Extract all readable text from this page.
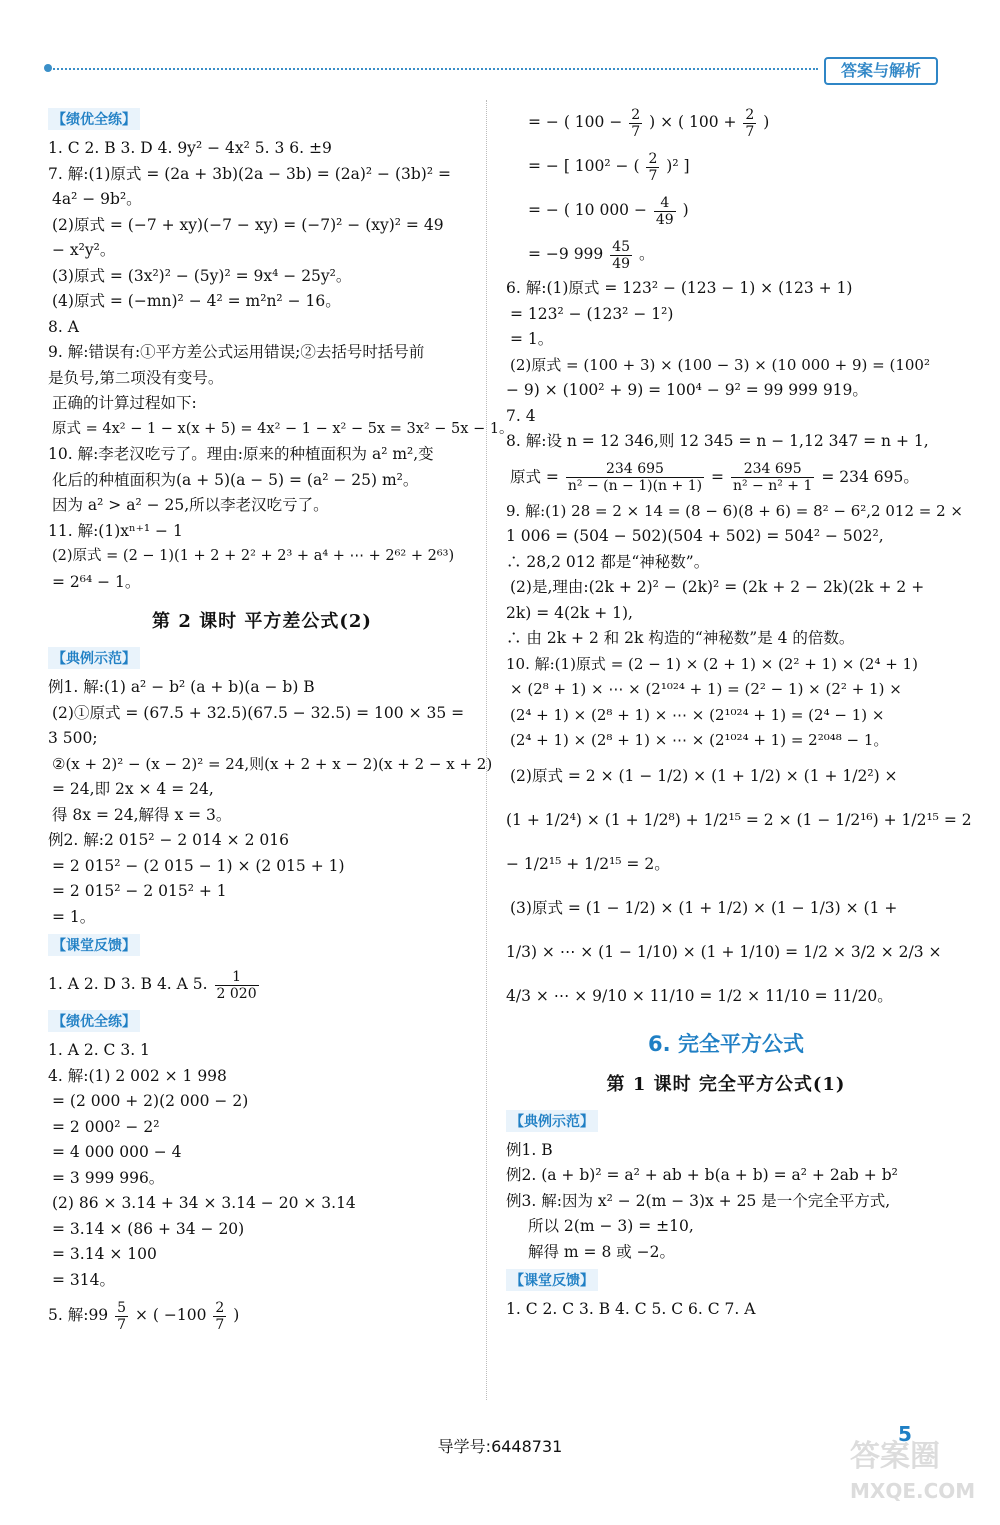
答案与解析
【绩优全练】
1. C 2. B 3. D 4. 9y² − 4x² 5. 3 6. ±9
7. 解:(1)原式 = (2a + 3b)(2a − 3b) = (2a)² − (3b)² =
4a² − 9b²。
(2)原式 = (−7 + xy)(−7 − xy) = (−7)² − (xy)² = 49
− x²y²。
(3)原式 = (3x²)² − (5y)² = 9x⁴ − 25y²。
(4)原式 = (−mn)² − 4² = m²n² − 16。
8. A
9. 解:错误有:①平方差公式运用错误;②去括号时括号前
是负号,第二项没有变号。
正确的计算过程如下:
原式 = 4x² − 1 − x(x + 5) = 4x² − 1 − x² − 5x = 3x² − 5x − 1。
10. 解:李老汉吃亏了。理由:原来的种植面积为 a² m²,变
化后的种植面积为(a + 5)(a − 5) = (a² − 25) m²。
因为 a² > a² − 25,所以李老汉吃亏了。
11. 解:(1)xⁿ⁺¹ − 1
(2)原式 = (2 − 1)(1 + 2 + 2² + 2³ + a⁴ + ⋯ + 2⁶² + 2⁶³)
= 2⁶⁴ − 1。
第 2 课时 平方差公式(2)
【典例示范】
例1. 解:(1) a² − b² (a + b)(a − b) B
(2)①原式 = (67.5 + 32.5)(67.5 − 32.5) = 100 × 35 =
3 500;
②(x + 2)² − (x − 2)² = 24,则(x + 2 + x − 2)(x + 2 − x + 2)
= 24,即 2x × 4 = 24,
得 8x = 24,解得 x = 3。
例2. 解:2 015² − 2 014 × 2 016
= 2 015² − (2 015 − 1) × (2 015 + 1)
= 2 015² − 2 015² + 1
= 1。
【课堂反馈】
1. A 2. D 3. B 4. A 5. $\frac{1}{2 020}$
【绩优全练】
1. A 2. C 3. 1
4. 解:(1) 2 002 × 1 998
= (2 000 + 2)(2 000 − 2)
= 2 000² − 2²
= 4 000 000 − 4
= 3 999 996。
(2) 86 × 3.14 + 34 × 3.14 − 20 × 3.14
= 3.14 × (86 + 34 − 20)
= 3.14 × 100
= 314。
5. 解:99 $\frac{5}{7}$ × ( $-100 \frac{2}{7}$ )
= − ( $100 - \frac{2}{7}$ ) × ( $100 + \frac{2}{7}$ )
= − [ 100² − ( $\frac{2}{7} )^2$ ]
= − ( 10 $000 - \frac{4}{49}$ )
= −9 $999 \frac{45}{49}$ 。
6. 解:(1)原式 = 123² − (123 − 1) × (123 + 1)
= 123² − (123² − 1²)
= 1。
(2)原式 = (100 + 3) × (100 − 3) × (10 000 + 9) = (100²
− 9) × (100² + 9) = 100⁴ − 9² = 99 999 919。
7. 4
8. 解:设 n = 12 346,则 12 345 = n − 1,12 347 = n + 1,
原式 = $\frac{234 695}{\text{n² − (n − 1)(n + 1)}} = \frac{234 695}{\text{n² − n² + 1}} = 234$ 695。
9. 解:(1) 28 = 2 × 14 = (8 − 6)(8 + 6) = 8² − 6²,2 012 = 2 ×
1 006 = (504 − 502)(504 + 502) = 504² − 502²,
∴ 28,2 012 都是“神秘数”。
(2)是,理由:(2k + 2)² − (2k)² = (2k + 2 − 2k)(2k + 2 +
2k) = 4(2k + 1),
∴ 由 2k + 2 和 2k 构造的“神秘数”是 4 的倍数。
10. 解:(1)原式 = (2 − 1) × (2 + 1) × (2² + 1) × (2⁴ + 1)
× (2⁸ + 1) × ⋯ × (2¹⁰²⁴ + 1) = (2² − 1) × (2² + 1) ×
(2⁴ + 1) × (2⁸ + 1) × ⋯ × (2¹⁰²⁴ + 1) = (2⁴ − 1) ×
(2⁴ + 1) × (2⁸ + 1) × ⋯ × (2¹⁰²⁴ + 1) = 2²⁰⁴⁸ − 1。
(2)原式 = 2 × (1 − 1/2) × (1 + 1/2) × (1 + 1/2²) ×
(1 + 1/2⁴) × (1 + 1/2⁸) + 1/2¹⁵ = 2 × (1 − 1/2¹⁶) + 1/2¹⁵ = 2
− 1/2¹⁵ + 1/2¹⁵ = 2。
(3)原式 = (1 − 1/2) × (1 + 1/2) × (1 − 1/3) × (1 +
1/3) × ⋯ × (1 − 1/10) × (1 + 1/10) = 1/2 × 3/2 × 2/3 ×
4/3 × ⋯ × 9/10 × 11/10 = 1/2 × 11/10 = 11/20。
6. 完全平方公式
第 1 课时 完全平方公式(1)
【典例示范】
例1. B
例2. (a + b)² = a² + ab + b(a + b) = a² + 2ab + b²
例3. 解:因为 x² − 2(m − 3)x + 25 是一个完全平方式,
所以 2(m − 3) = ±10,
解得 m = 8 或 −2。
【课堂反馈】
1. C 2. C 3. B 4. C 5. C 6. C 7. A
导学号:6448731
5
答案圈
MXQE.COM
